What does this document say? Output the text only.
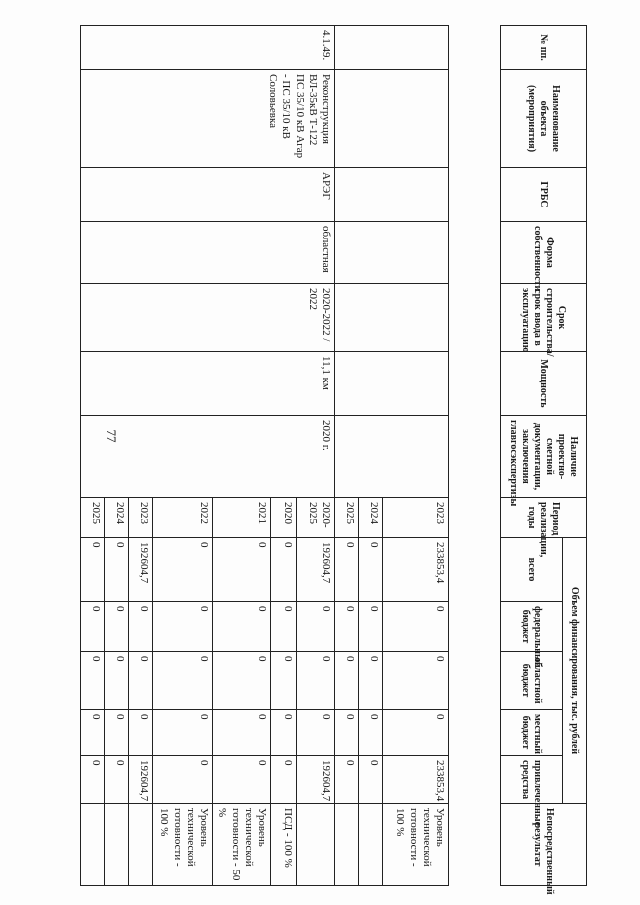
77
№ пп.	Наименование объекта (мероприятия)	ГРБС	Форма собственности	Срок строительства/срок ввода в эксплуатацию	Мощность	Наличие проектно-сметной документации, заключения главгосэкспертизы	Период реализации, годы	Объем финансирования, тыс. рублей					Непосредственный результат
								всего	федеральный бюджет	областной бюджет	местный бюджет	привлеченные средства	

							2023	233853,4	0	0	0	233853,4	Уровень технической готовности - 100 %
							2024	0	0	0	0	0	
							2025	0	0	0	0	0	
4.1.49.	Реконструкция ВЛ-35кВ Т-122 ПС 35/10 кВ Агар - ПС 35/10 кВ Соловьевка	АРЭГ	областная	2020-2022 / 2022	11,1 км	2020 г.	2020-2025	192604,7	0	0	0	192604,7	
							2020	0	0	0	0	0	ПСД - 100 %
							2021	0	0	0	0	0	Уровень технической готовности - 50 %
							2022	0	0	0	0	0	Уровень технической готовности - 100 %
							2023	192604,7	0	0	0	192604,7	
							2024	0	0	0	0	0	
							2025	0	0	0	0	0	
